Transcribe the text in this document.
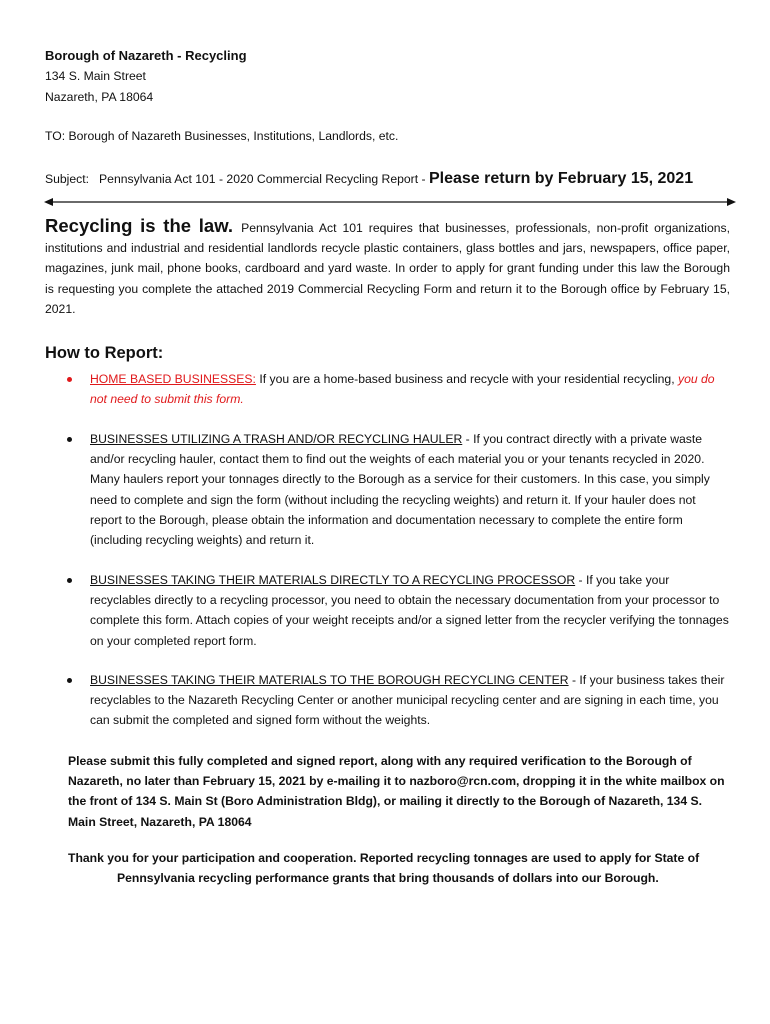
Borough of Nazareth - Recycling

134 S. Main Street

Nazareth, PA 18064

TO: Borough of Nazareth Businesses, Institutions, Landlords, etc.

Subject: Pennsylvania Act 101 - 2020 Commercial Recycling Report - Please return by February 15, 2021

Recycling is the law. Pennsylvania Act 101 requires that businesses, professionals, non-profit organizations, institutions and industrial and residential landlords recycle plastic containers, glass bottles and jars, newspapers, office paper, magazines, junk mail, phone books, cardboard and yard waste. In order to apply for grant funding under this law the Borough is requesting you complete the attached 2019 Commercial Recycling Form and return it to the Borough office by February 15, 2021.

How to Report:

HOME BASED BUSINESSES: If you are a home-based business and recycle with your residential recycling, you do not need to submit this form.

BUSINESSES UTILIZING A TRASH AND/OR RECYCLING HAULER - If you contract directly with a private waste and/or recycling hauler, contact them to find out the weights of each material you or your tenants recycled in 2020. Many haulers report your tonnages directly to the Borough as a service for their customers. In this case, you simply need to complete and sign the form (without including the recycling weights) and return it. If your hauler does not report to the Borough, please obtain the information and documentation necessary to complete the entire form (including recycling weights) and return it.

BUSINESSES TAKING THEIR MATERIALS DIRECTLY TO A RECYCLING PROCESSOR - If you take your recyclables directly to a recycling processor, you need to obtain the necessary documentation from your processor to complete this form. Attach copies of your weight receipts and/or a signed letter from the recycler verifying the tonnages on your completed report form.

BUSINESSES TAKING THEIR MATERIALS TO THE BOROUGH RECYCLING CENTER - If your business takes their recyclables to the Nazareth Recycling Center or another municipal recycling center and are signing in each time, you can submit the completed and signed form without the weights.

Please submit this fully completed and signed report, along with any required verification to the Borough of Nazareth, no later than February 15, 2021 by e-mailing it to nazboro@rcn.com, dropping it in the white mailbox on the front of 134 S. Main St (Boro Administration Bldg), or mailing it directly to the Borough of Nazareth, 134 S. Main Street, Nazareth, PA 18064

Thank you for your participation and cooperation. Reported recycling tonnages are used to apply for State of

Pennsylvania recycling performance grants that bring thousands of dollars into our Borough.
